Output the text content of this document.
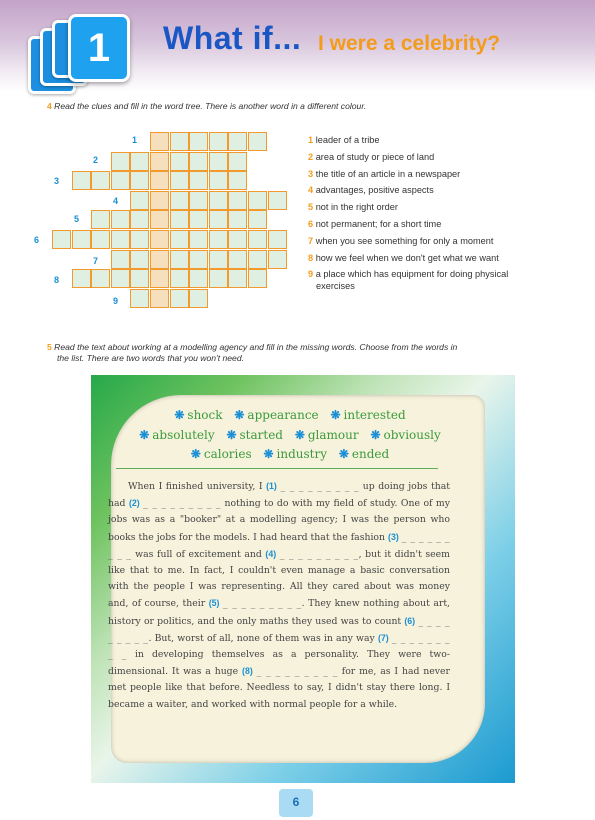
1	What if... I were a celebrity?
4 Read the clues and fill in the word tree. There is another word in a different colour.
1
2
3
4
5
6
7
8
9
1 leader of a tribe
2 area of study or piece of land
3 the title of an article in a newspaper
4 advantages, positive aspects
5 not in the right order
6 not permanent; for a short time
7 when you see something for only a moment
8 how we feel when we don't get what we want
9 a place which has equipment for doing physical
exercises
5 Read the text about working at a modelling agency and fill in the missing words. Choose from the words in
the list. There are two words that you won't need.
❋ shock ❋ appearance ❋ interested
❋ absolutely ❋ started ❋ glamour ❋ obviously
❋ calories ❋ industry ❋ ended
When I finished university, I (1) _ _ _ _ _ _ _ _ _ up doing jobs that had (2) _ _ _ _ _ _ _ _ _ nothing to do with my field of study. One of my jobs was as a "booker" at a modelling agency; I was the person who books the jobs for the models. I had heard that the fashion (3) _ _ _ _ _ _ _ _ _ was full of excitement and (4) _ _ _ _ _ _ _ _ _, but it didn't seem like that to me. In fact, I couldn't even manage a basic conversation with the people I was representing. All they cared about was money and, of course, their (5) _ _ _ _ _ _ _ _ _. They knew nothing about art, history or politics, and the only maths they used was to count (6) _ _ _ _ _ _ _ _ _. But, worst of all, none of them was in any way (7) _ _ _ _ _ _ _ _ _ in developing themselves as a personality. They were two-dimensional. It was a huge (8) _ _ _ _ _ _ _ _ _ for me, as I had never met people like that before. Needless to say, I didn't stay there long. I became a waiter, and worked with normal people for a while.
6
